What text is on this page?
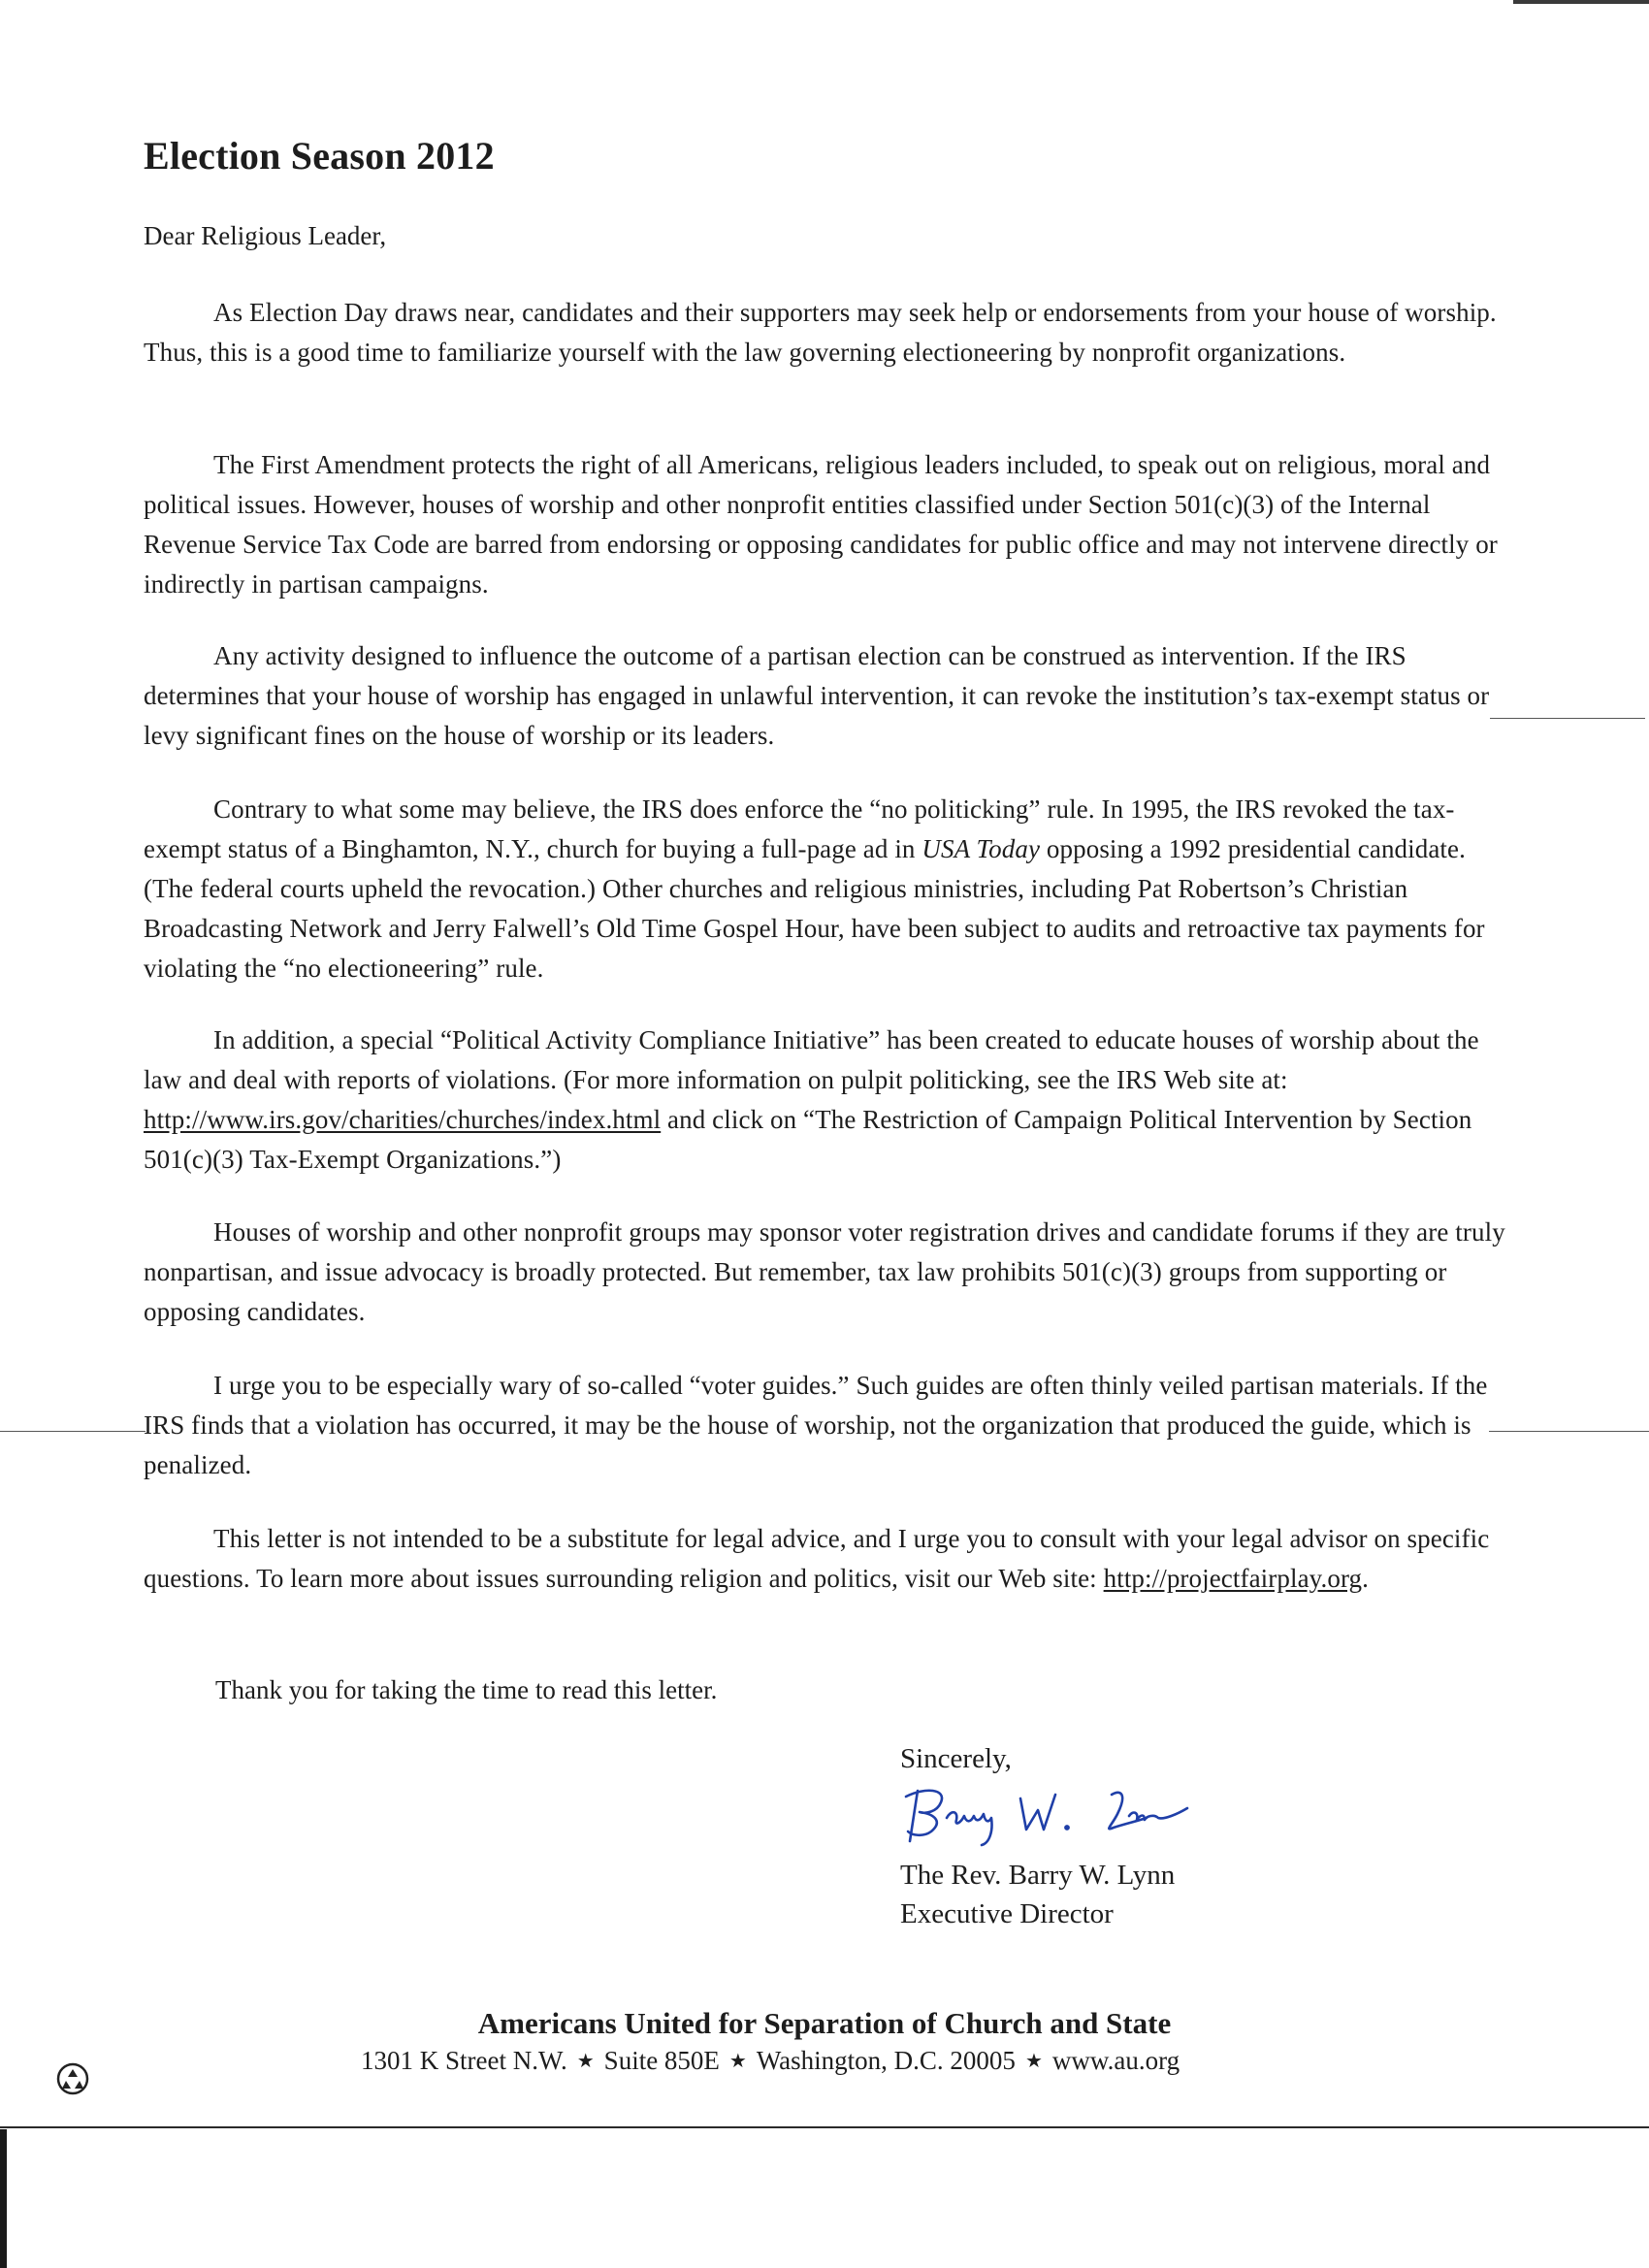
Election Season 2012
Dear Religious Leader,

As Election Day draws near, candidates and their supporters may seek help or endorsements from your house of worship. Thus, this is a good time to familiarize yourself with the law governing electioneering by nonprofit organizations.

The First Amendment protects the right of all Americans, religious leaders included, to speak out on religious, moral and political issues. However, houses of worship and other nonprofit entities classified under Section 501(c)(3) of the Internal Revenue Service Tax Code are barred from endorsing or opposing candidates for public office and may not intervene directly or indirectly in partisan campaigns.

Any activity designed to influence the outcome of a partisan election can be construed as intervention. If the IRS determines that your house of worship has engaged in unlawful intervention, it can revoke the institution’s tax-exempt status or levy significant fines on the house of worship or its leaders.

Contrary to what some may believe, the IRS does enforce the “no politicking” rule. In 1995, the IRS revoked the tax-exempt status of a Binghamton, N.Y., church for buying a full-page ad in USA Today opposing a 1992 presidential candidate. (The federal courts upheld the revocation.) Other churches and religious ministries, including Pat Robertson’s Christian Broadcasting Network and Jerry Falwell’s Old Time Gospel Hour, have been subject to audits and retroactive tax payments for violating the “no electioneering” rule.

In addition, a special “Political Activity Compliance Initiative” has been created to educate houses of worship about the law and deal with reports of violations. (For more information on pulpit politicking, see the IRS Web site at: http://www.irs.gov/charities/churches/index.html and click on “The Restriction of Campaign Political Intervention by Section 501(c)(3) Tax-Exempt Organizations.”)

Houses of worship and other nonprofit groups may sponsor voter registration drives and candidate forums if they are truly nonpartisan, and issue advocacy is broadly protected. But remember, tax law prohibits 501(c)(3) groups from supporting or opposing candidates.

I urge you to be especially wary of so-called “voter guides.” Such guides are often thinly veiled partisan materials. If the IRS finds that a violation has occurred, it may be the house of worship, not the organization that produced the guide, which is penalized.

This letter is not intended to be a substitute for legal advice, and I urge you to consult with your legal advisor on specific questions. To learn more about issues surrounding religion and politics, visit our Web site: http://projectfairplay.org.

Thank you for taking the time to read this letter.
Sincerely,
The Rev. Barry W. Lynn
Executive Director
Americans United for Separation of Church and State
1301 K Street N.W. ★ Suite 850E ★ Washington, D.C. 20005 ★ www.au.org
